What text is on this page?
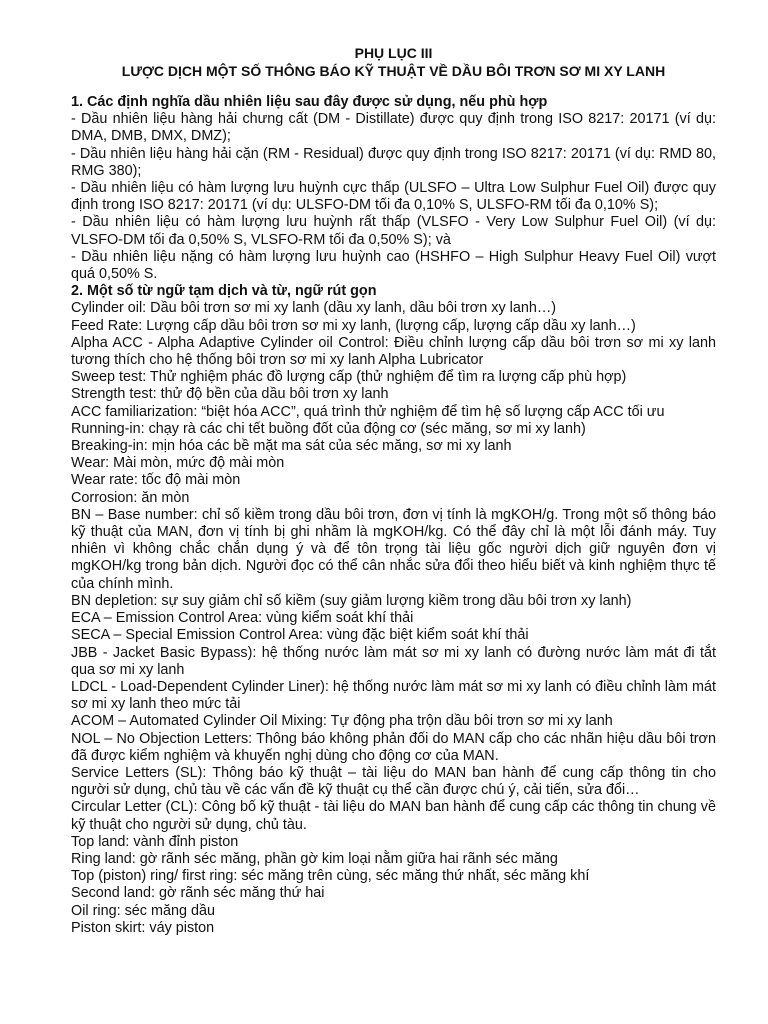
PHỤ LỤC III

LƯỢC DỊCH MỘT SỐ THÔNG BÁO KỸ THUẬT VỀ DẦU BÔI TRƠN SƠ MI XY LANH

1. Các định nghĩa dầu nhiên liệu sau đây được sử dụng, nếu phù hợp

- Dầu nhiên liệu hàng hải chưng cất (DM - Distillate) được quy định trong ISO 8217: 20171 (ví dụ: DMA, DMB, DMX, DMZ);

- Dầu nhiên liệu hàng hải cặn (RM - Residual) được quy định trong ISO 8217: 20171 (ví dụ: RMD 80, RMG 380);

- Dầu nhiên liệu có hàm lượng lưu huỳnh cực thấp (ULSFO – Ultra Low Sulphur Fuel Oil) được quy định trong ISO 8217: 20171 (ví dụ: ULSFO-DM tối đa 0,10% S, ULSFO-RM tối đa 0,10% S);

- Dầu nhiên liệu có hàm lượng lưu huỳnh rất thấp (VLSFO - Very Low Sulphur Fuel Oil) (ví dụ: VLSFO-DM tối đa 0,50% S, VLSFO-RM tối đa 0,50% S); và

- Dầu nhiên liệu nặng có hàm lượng lưu huỳnh cao (HSHFO – High Sulphur Heavy Fuel Oil) vượt quá 0,50% S.

2. Một số từ ngữ tạm dịch và từ, ngữ rút gọn

Cylinder oil: Dầu bôi trơn sơ mi xy lanh (dầu xy lanh, dầu bôi trơn xy lanh…)

Feed Rate: Lượng cấp dầu bôi trơn sơ mi xy lanh, (lượng cấp, lượng cấp dầu xy lanh…)

Alpha ACC - Alpha Adaptive Cylinder oil Control: Điều chỉnh lượng cấp dầu bôi trơn sơ mi xy lanh tương thích cho hệ thống bôi trơn sơ mi xy lanh Alpha Lubricator

Sweep test: Thử nghiệm phác đồ lượng cấp (thử nghiệm để tìm ra lượng cấp phù hợp)

Strength test: thử độ bền của dầu bôi trơn xy lanh

ACC familiarization: “biệt hóa ACC”, quá trình thử nghiệm để tìm hệ số lượng cấp ACC tối ưu

Running-in: chạy rà các chi tết buồng đốt của động cơ (séc măng, sơ mi xy lanh)

Breaking-in: mịn hóa các bề mặt ma sát của séc măng, sơ mi xy lanh

Wear: Mài mòn, mức độ mài mòn

Wear rate: tốc độ mài mòn

Corrosion: ăn mòn

BN – Base number: chỉ số kiềm trong dầu bôi trơn, đơn vị tính là mgKOH/g. Trong một số thông báo kỹ thuật của MAN, đơn vị tính bị ghi nhầm là mgKOH/kg. Có thể đây chỉ là một lỗi đánh máy. Tuy nhiên vì không chắc chắn dụng ý và để tôn trọng tài liệu gốc người dịch giữ nguyên đơn vị mgKOH/kg trong bản dịch. Người đọc có thể cân nhắc sửa đổi theo hiểu biết và kinh nghiệm thực tế của chính mình.

BN depletion: sự suy giảm chỉ số kiềm (suy giảm lượng kiềm trong dầu bôi trơn xy lanh)

ECA – Emission Control Area: vùng kiểm soát khí thải

SECA – Special Emission Control Area: vùng đặc biệt kiểm soát khí thải

JBB - Jacket Basic Bypass): hệ thống nước làm mát sơ mi xy lanh có đường nước làm mát đi tắt qua sơ mi xy lanh

LDCL - Load-Dependent Cylinder Liner): hệ thống nước làm mát sơ mi xy lanh có điều chỉnh làm mát sơ mi xy lanh theo mức tải

ACOM – Automated Cylinder Oil Mixing: Tự động pha trộn dầu bôi trơn sơ mi xy lanh

NOL – No Objection Letters: Thông báo không phản đối do MAN cấp cho các nhãn hiệu dầu bôi trơn đã được kiểm nghiệm và khuyến nghị dùng cho động cơ của MAN.

Service Letters (SL): Thông báo kỹ thuật – tài liệu do MAN ban hành để cung cấp thông tin cho người sử dụng, chủ tàu về các vấn đề kỹ thuật cụ thể cần được chú ý, cải tiến, sửa đổi…

Circular Letter (CL): Công bố kỹ thuật - tài liệu do MAN ban hành để cung cấp các thông tin chung về kỹ thuật cho người sử dụng, chủ tàu.

Top land: vành đỉnh piston

Ring land: gờ rãnh séc măng, phần gờ kim loại nằm giữa hai rãnh séc măng

Top (piston) ring/ first ring: séc măng trên cùng, séc măng thứ nhất, séc măng khí

Second land: gờ rãnh séc măng thứ hai

Oil ring: séc măng dầu

Piston skirt: váy piston
